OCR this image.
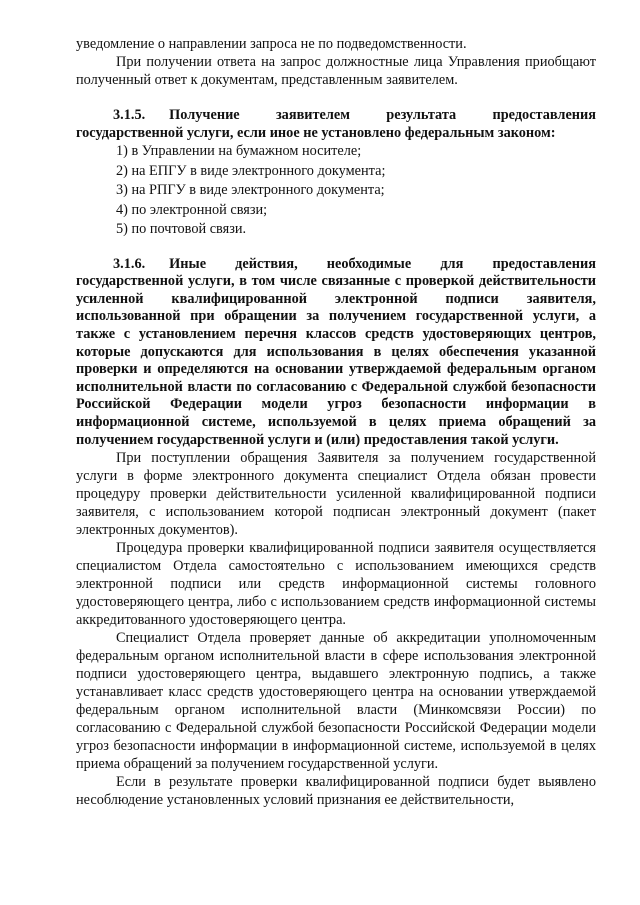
уведомление о направлении запроса не по подведомственности.

При получении ответа на запрос должностные лица Управления приобщают полученный ответ к документам, представленным заявителем.

3.1.5. Получение заявителем результата предоставления государственной услуги, если иное не установлено федеральным законом:

1) в Управлении на бумажном носителе;
2) на ЕПГУ в виде электронного документа;
3) на РПГУ в виде электронного документа;
4) по электронной связи;
5) по почтовой связи.

3.1.6. Иные действия, необходимые для предоставления государственной услуги, в том числе связанные с проверкой действительности усиленной квалифицированной электронной подписи заявителя, использованной при обращении за получением государственной услуги, а также с установлением перечня классов средств удостоверяющих центров, которые допускаются для использования в целях обеспечения указанной проверки и определяются на основании утверждаемой федеральным органом исполнительной власти по согласованию с Федеральной службой безопасности Российской Федерации модели угроз безопасности информации в информационной системе, используемой в целях приема обращений за получением государственной услуги и (или) предоставления такой услуги.

При поступлении обращения Заявителя за получением государственной услуги в форме электронного документа специалист Отдела обязан провести процедуру проверки действительности усиленной квалифицированной подписи заявителя, с использованием которой подписан электронный документ (пакет электронных документов).

Процедура проверки квалифицированной подписи заявителя осуществляется специалистом Отдела самостоятельно с использованием имеющихся средств электронной подписи или средств информационной системы головного удостоверяющего центра, либо с использованием средств информационной системы аккредитованного удостоверяющего центра.

Специалист Отдела проверяет данные об аккредитации уполномоченным федеральным органом исполнительной власти в сфере использования электронной подписи удостоверяющего центра, выдавшего электронную подпись, а также устанавливает класс средств удостоверяющего центра на основании утверждаемой федеральным органом исполнительной власти (Минкомсвязи России) по согласованию с Федеральной службой безопасности Российской Федерации модели угроз безопасности информации в информационной системе, используемой в целях приема обращений за получением государственной услуги.

Если в результате проверки квалифицированной подписи будет выявлено несоблюдение установленных условий признания ее действительности,
